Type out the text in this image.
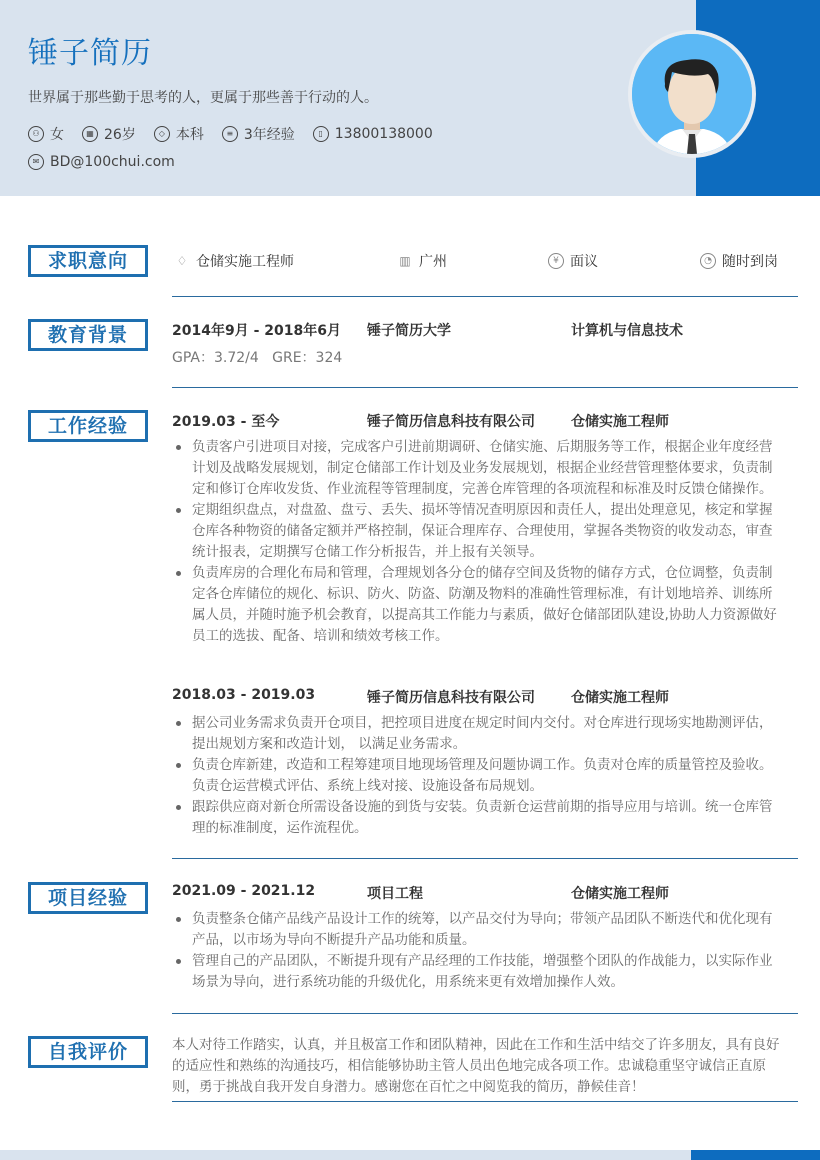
锤子简历
世界属于那些勤于思考的人，更属于那些善于行动的人。
⚇ 女	▦ 26岁	◇ 本科	≡ 3年经验	▯ 13800138000
✉ BD@100chui.com
求职意向	♢ 仓储实施工程师	▥ 广州	¥ 面议	◔ 随时到岗
教育背景	2014年9月 - 2018年6月 锤子简历大学	计算机与信息技术
GPA：3.72/4   GRE：324
工作经验	2019.03 - 至今	锤子简历信息科技有限公司	仓储实施工程师
负责客户引进项目对接，完成客户引进前期调研、仓储实施、后期服务等工作，根据企业年度经营计划及战略发展规划，制定仓储部工作计划及业务发展规划，根据企业经营管理整体要求，负责制定和修订仓库收发货、作业流程等管理制度，完善仓库管理的各项流程和标准及时反馈仓储操作。
定期组织盘点，对盘盈、盘亏、丢失、损坏等情况查明原因和责任人，提出处理意见，核定和掌握仓库各种物资的储备定额并严格控制，保证合理库存、合理使用，掌握各类物资的收发动态，审查统计报表，定期撰写仓储工作分析报告，并上报有关领导。
负责库房的合理化布局和管理，合理规划各分仓的储存空间及货物的储存方式，仓位调整，负责制定各仓库储位的规化、标识、防火、防盗、防潮及物料的准确性管理标准，有计划地培养、训练所属人员，并随时施予机会教育，以提高其工作能力与素质，做好仓储部团队建设,协助人力资源做好员工的选拔、配备、培训和绩效考核工作。
2018.03 - 2019.03	锤子简历信息科技有限公司	仓储实施工程师
据公司业务需求负责开仓项目，把控项目进度在规定时间内交付。对仓库进行现场实地勘测评估，提出规划方案和改造计划， 以满足业务需求。
负责仓库新建，改造和工程筹建项目地现场管理及问题协调工作。负责对仓库的质量管控及验收。负责仓运营模式评估、系统上线对接、设施设备布局规划。
跟踪供应商对新仓所需设备设施的到货与安装。负责新仓运营前期的指导应用与培训。统一仓库管理的标准制度，运作流程优。
项目经验	2021.09 - 2021.12	项目工程	仓储实施工程师
负责整条仓储产品线产品设计工作的统筹，以产品交付为导向；带领产品团队不断迭代和优化现有产品，以市场为导向不断提升产品功能和质量。
管理自己的产品团队，不断提升现有产品经理的工作技能，增强整个团队的作战能力，以实际作业场景为导向，进行系统功能的升级优化，用系统来更有效增加操作人效。
自我评价	本人对待工作踏实，认真，并且极富工作和团队精神，因此在工作和生活中结交了许多朋友，具有良好的适应性和熟练的沟通技巧，相信能够协助主管人员出色地完成各项工作。忠诚稳重坚守诚信正直原则，勇于挑战自我开发自身潜力。感谢您在百忙之中阅览我的简历，静候佳音！
